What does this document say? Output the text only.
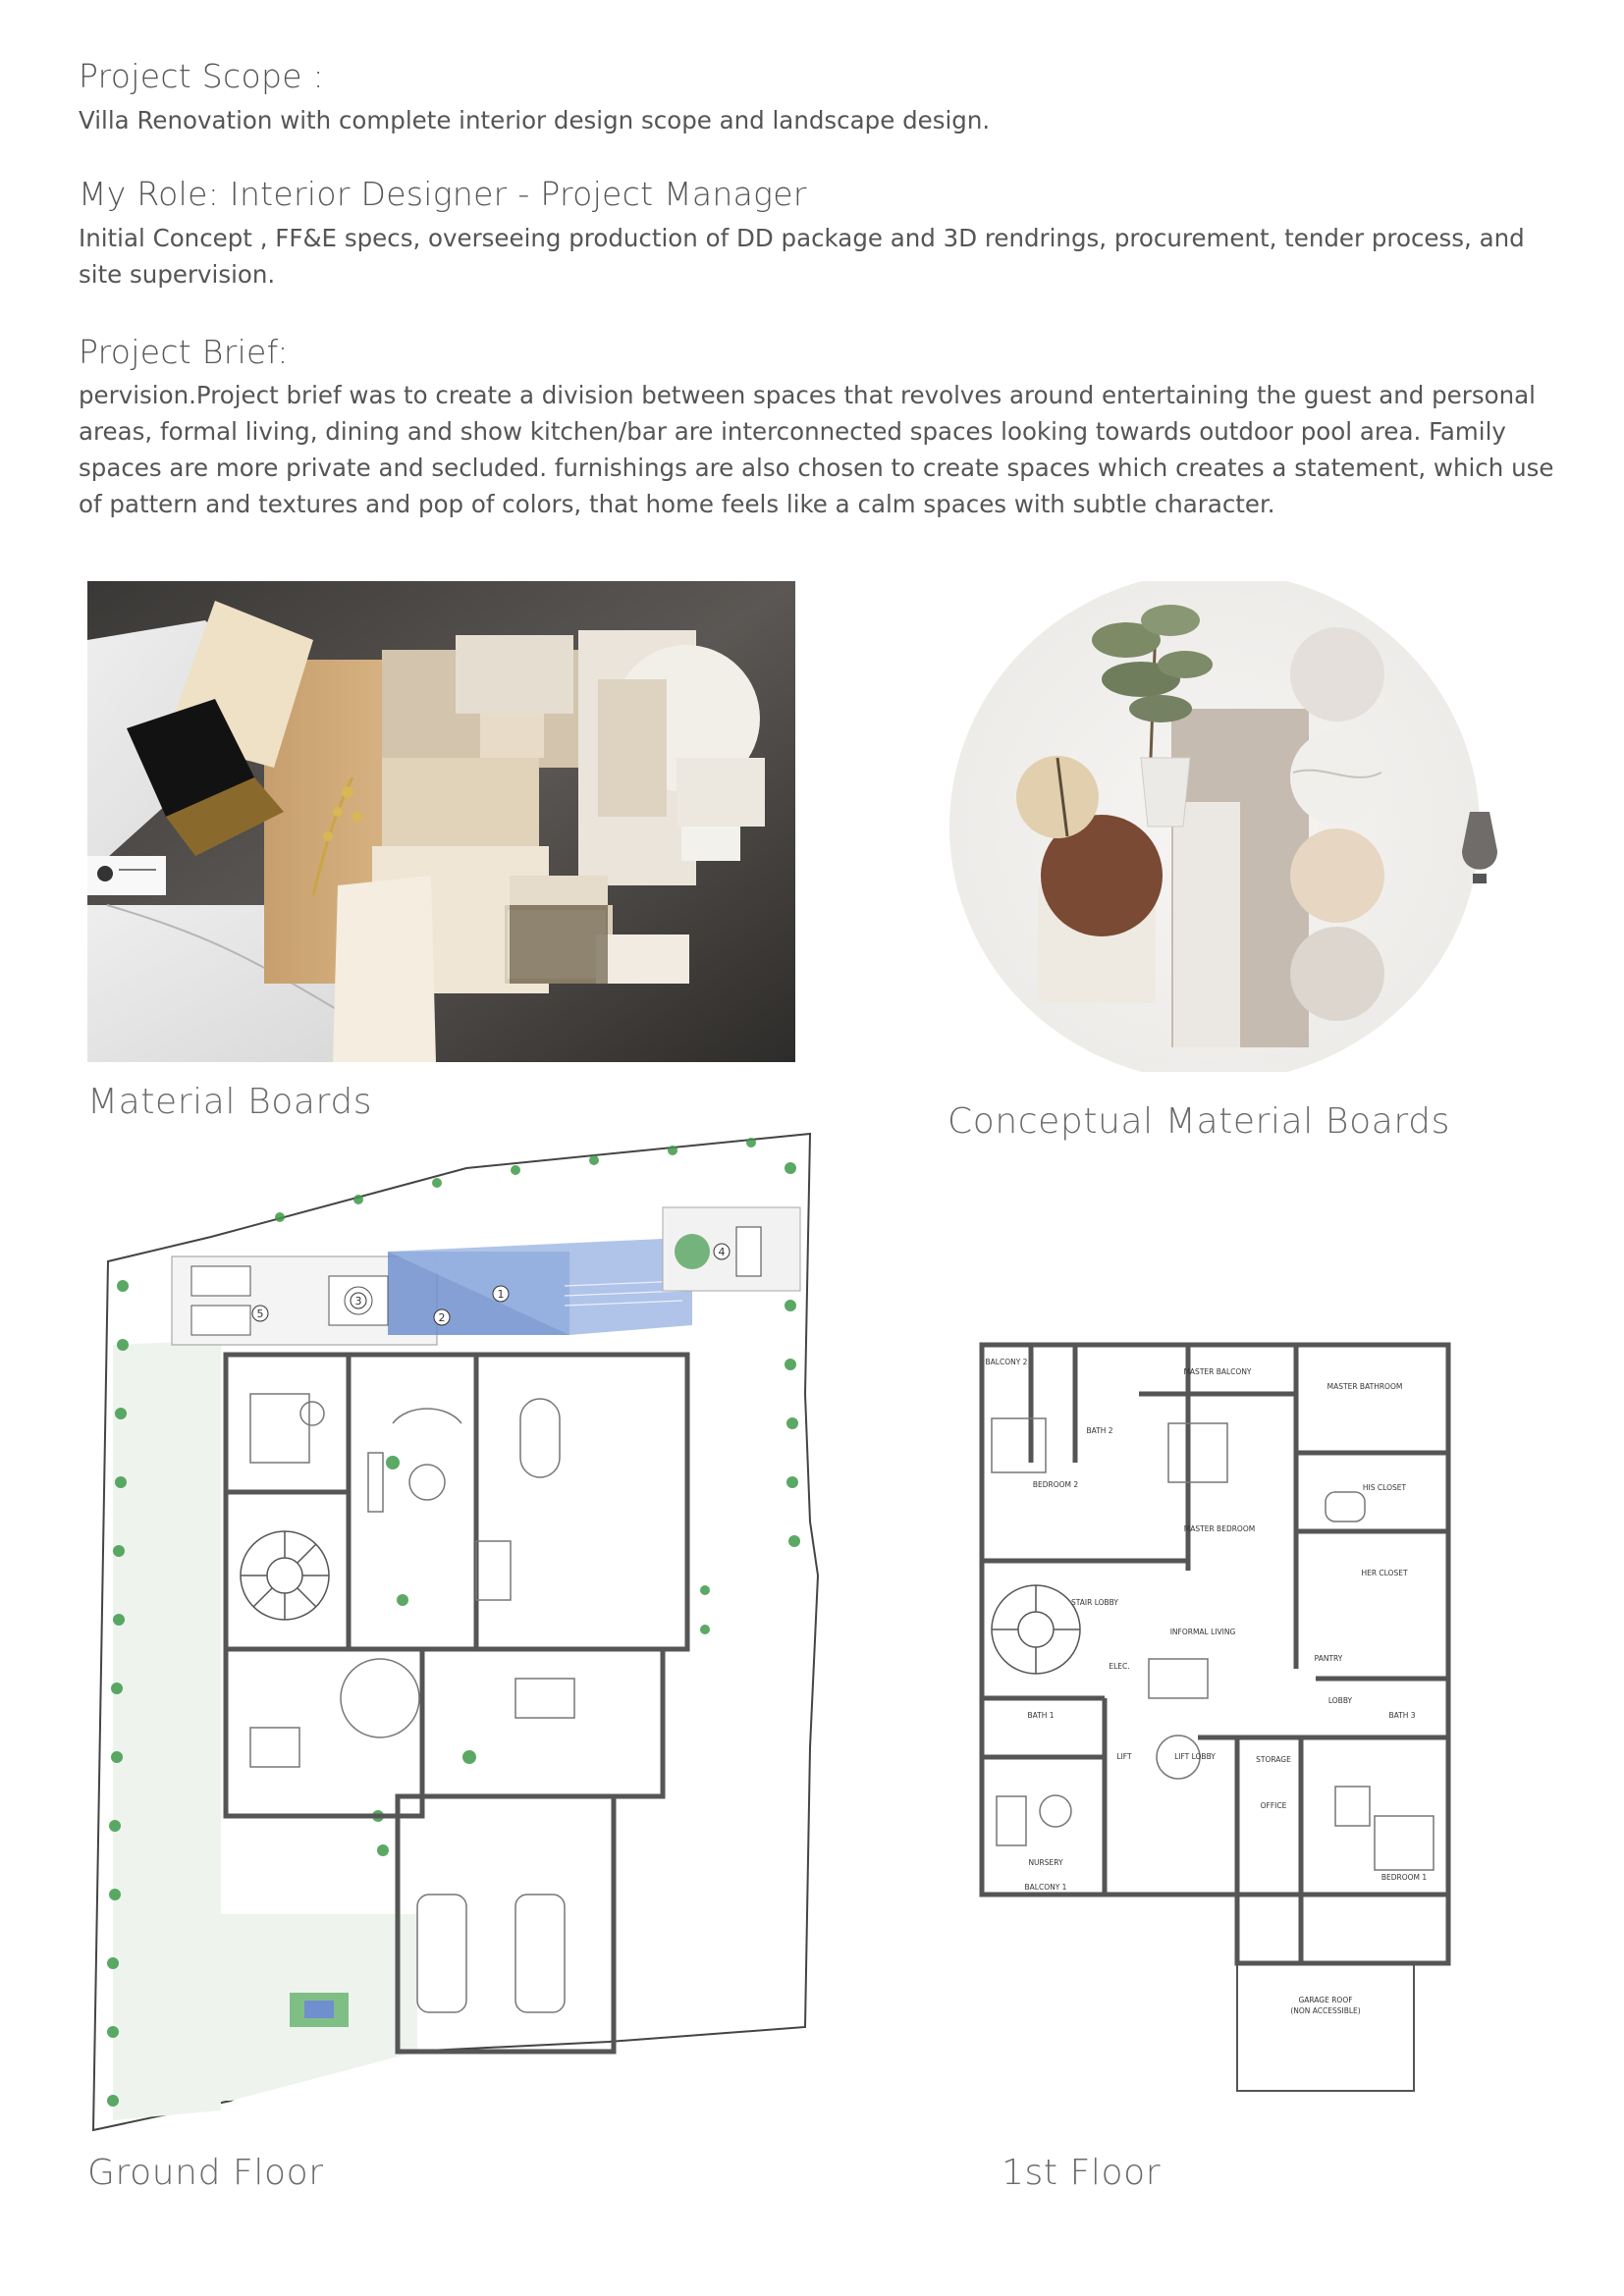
Project Scope :

Villa Renovation with complete interior design scope and landscape design.

My Role: Interior Designer - Project Manager

Initial Concept , FF&E specs, overseeing production of DD package and 3D rendrings, procurement, tender process, and site supervision.

Project Brief:

pervision.Project brief was to create a division between spaces that revolves around entertaining the guest and personal areas, formal living, dining and show kitchen/bar are interconnected spaces looking towards outdoor pool area. Family spaces are more private and secluded. furnishings are also chosen to create spaces which creates a statement, which use of pattern and textures and pop of colors, that home feels like a calm spaces with subtle character.

Material Boards	Conceptual Material Boards
1
2
3
4
5
BALCONY 2
MASTER BALCONY
MASTER BATHROOM
BATH 2
BEDROOM 2	HIS CLOSET
MASTER BEDROOM
HER CLOSET
STAIR LOBBY
INFORMAL LIVING
PANTRY
ELEC.
BATH 1
LOBBY
BATH 3
LIFT	LIFT LOBBY	STORAGE
OFFICE
NURSERY
BEDROOM 1
BALCONY 1
GARAGE ROOF
(NON ACCESSIBLE)
Ground Floor	1st Floor
